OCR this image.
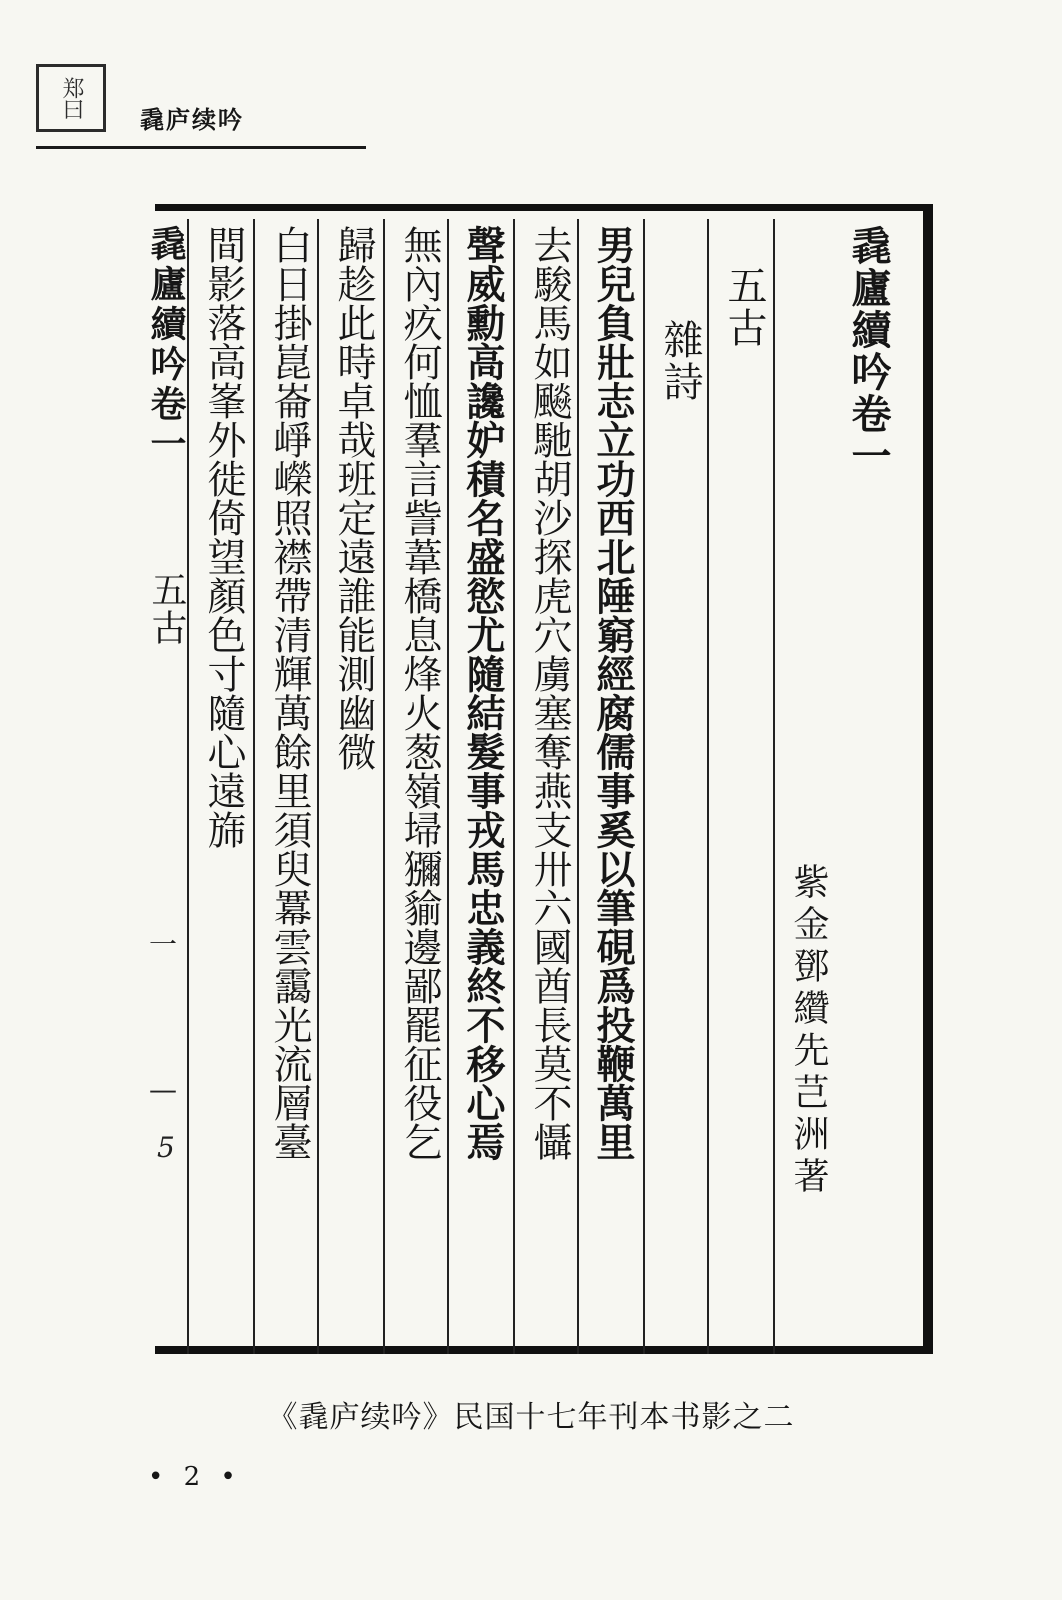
郑曰
毳庐续吟
毳廬續吟卷一
紫金鄧纘先芑洲著
五古
雜詩
男兒負壯志立功西北陲窮經腐儒事奚以筆硯爲投鞭萬里
去駿馬如飈馳胡沙探虎穴虜塞奪燕支卅六國酋長莫不懾
聲威勳高讒妒積名盛慾尤隨結髮事戎馬忠義終不移心焉
無內疚何恤羣言訾葦橋息烽火葱嶺埽獼貐邊鄙罷征役乞
歸趁此時卓哉班定遠誰能測幽微
白日掛崑崙崢嶸照襟帶清輝萬餘里須臾羃雲靄光流層臺
間影落高峯外徙倚望顏色寸隨心遠旆
毳廬續吟卷一
五古
一
—
5
《毳庐续吟》民国十七年刊本书影之二
• 2 •
